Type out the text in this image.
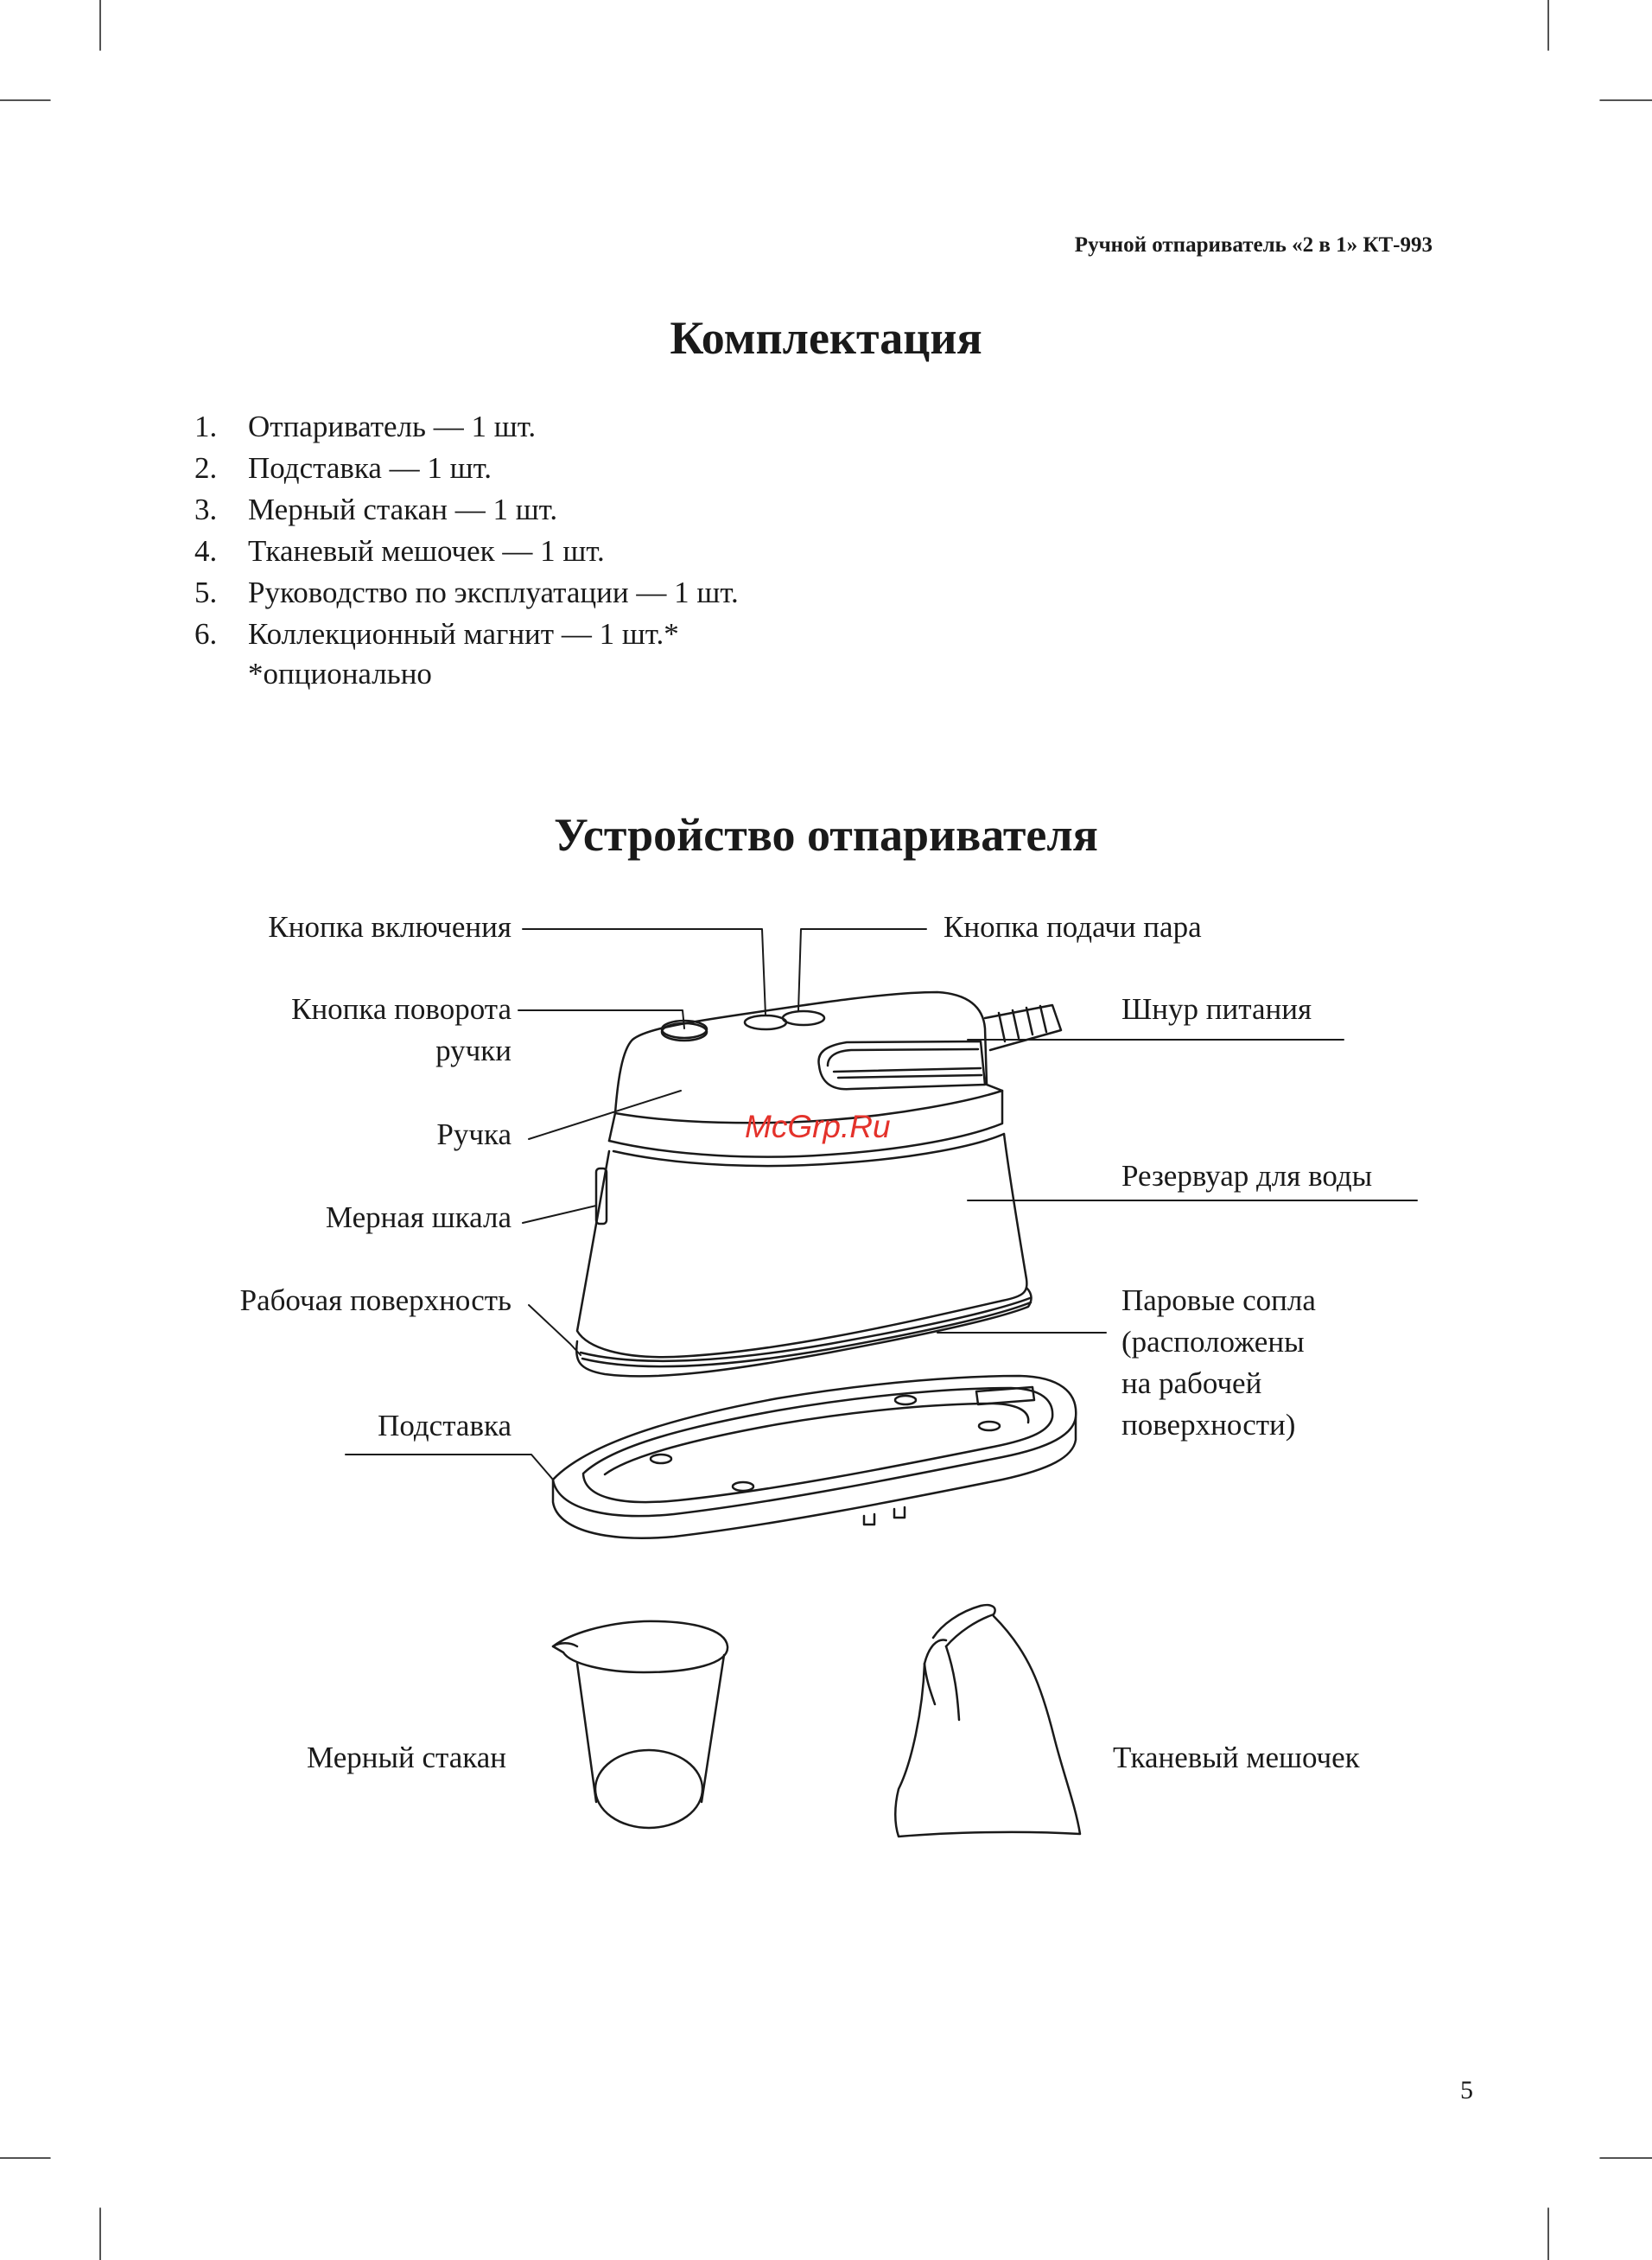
Ручной отпариватель «2 в 1» КТ-993
Комплектация
1.	Отпариватель — 1 шт.
2.	Подставка — 1 шт.
3.	Мерный стакан — 1 шт.
4.	Тканевый мешочек — 1 шт.
5.	Руководство по эксплуатации — 1 шт.
6.	Коллекционный магнит — 1 шт.*
*опционально
Устройство отпаривателя
Кнопка включения
Кнопка поворота
ручки
Ручка
Мерная шкала
Рабочая поверхность
Подставка
Мерный стакан
Кнопка подачи пара
Шнур питания
Резервуар для воды
Паровые сопла
(расположены
на рабочей
поверхности)
Тканевый мешочек
McGrp.Ru
5
